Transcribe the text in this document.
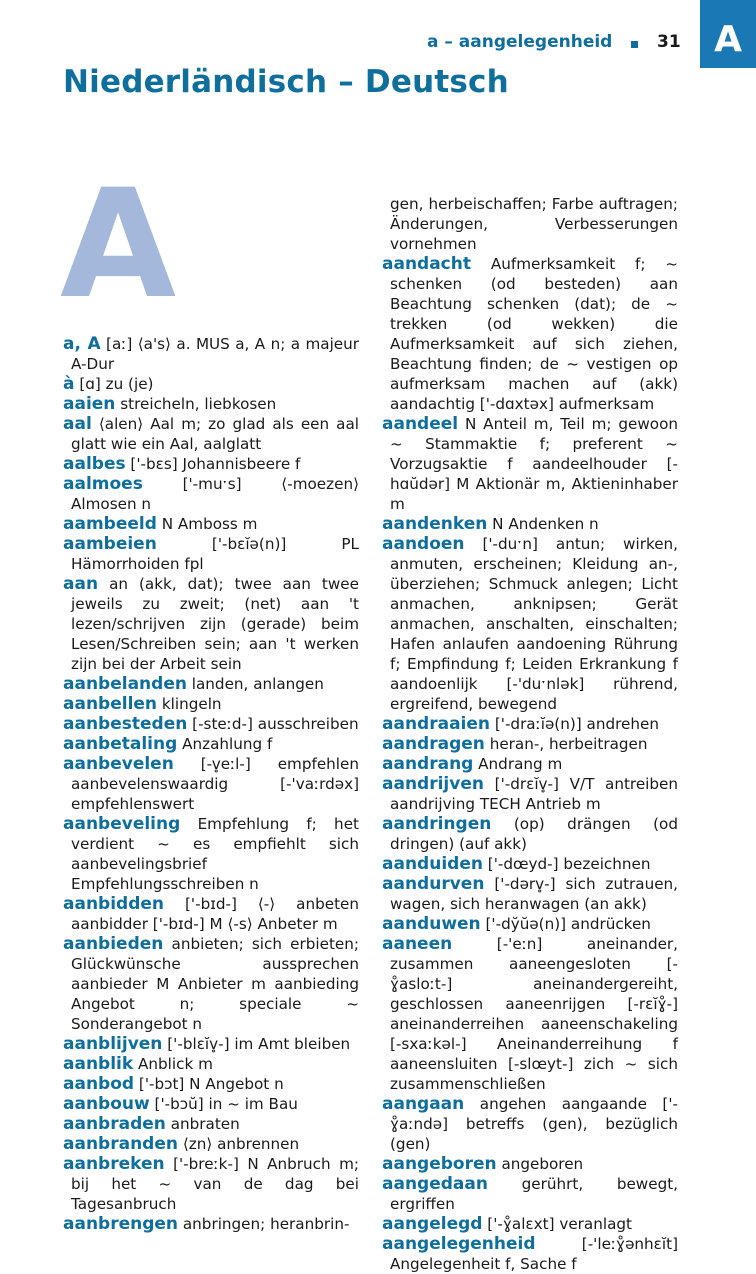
a – aangelegenheid	31 A
Niederländisch – Deutsch
A

a, A [aː] ⟨a's⟩ a. MUS a, A n; a majeur A-Dur

à [ɑ] zu (je)

aaien streicheln, liebkosen

aal ⟨alen⟩ Aal m; zo glad als een aal glatt wie ein Aal, aalglatt

aalbes ['-bɛs] Johannisbeere f

aalmoes	['-muˑs] ⟨-moezen⟩ Almosen n

aambeeld N Amboss m

aambeien	['-bɛĭə(n)] PL Hämorrhoiden fpl

aan an (akk, dat); twee aan twee jeweils zu zweit; (net) aan 't lezen/schrijven zijn (gerade) beim Lesen/Schreiben sein; aan 't werken zijn bei der Arbeit sein

aanbelanden landen, anlangen

aanbellen klingeln

aanbesteden [-steːd-] ausschreiben

aanbetaling Anzahlung f

aanbevelen [-v̥eːl-] empfehlen aanbevelenswaardig [-'vaːrdəx] empfehlenswert

aanbeveling Empfehlung f; het verdient ~ es empfiehlt sich aanbevelingsbrief Empfehlungsschreiben n

aanbidden ['-bɪd-] ⟨-⟩ anbeten aanbidder ['-bɪd-] M ⟨-s⟩ Anbeter m

aanbieden anbieten; sich erbieten; Glückwünsche aussprechen aanbieder M Anbieter m aanbieding Angebot n; speciale ~ Sonderangebot n

aanblijven ['-blɛĭv̥-] im Amt bleiben

aanblik Anblick m

aanbod ['-bɔt] N Angebot n

aanbouw ['-bɔŭ] in ~ im Bau

aanbraden anbraten

aanbranden ⟨zn⟩ anbrennen

aanbreken ['-breːk-] N Anbruch m; bij het ~ van de dag bei Tagesanbruch

aanbrengen anbringen; heranbrin-

gen, herbeischaffen; Farbe auftragen; Änderungen, Verbesserungen vornehmen

aandacht Aufmerksamkeit f; ~ schenken (od besteden) aan Beachtung schenken (dat); de ~ trekken (od wekken) die Aufmerksamkeit auf sich ziehen, Beachtung finden; de ~ vestigen op aufmerksam machen auf (akk) aandachtig ['-dɑxtəx] aufmerksam

aandeel N Anteil m, Teil m; gewoon ~ Stammaktie f; preferent ~ Vorzugsaktie f aandeelhouder [-hɑŭdər] M Aktionär m, Aktieninhaber m

aandenken N Andenken n

aandoen ['-duˑn] antun; wirken, anmuten, erscheinen; Kleidung an-, überziehen; Schmuck anlegen; Licht anmachen, anknipsen; Gerät anmachen, anschalten, einschalten; Hafen anlaufen aandoening Rührung f; Empfindung f; Leiden Erkrankung f aandoenlijk [-'duˑnlək] rührend, ergreifend, bewegend

aandraaien ['-draːĭə(n)] andrehen

aandragen heran-, herbeitragen

aandrang Andrang m

aandrijven ['-drɛĭv̥-] V/T antreiben aandrijving TECH Antrieb m

aandringen (op) drängen (od dringen) (auf akk)

aanduiden ['-dœyd-] bezeichnen

aandurven ['-dərv̥-] sich zutrauen, wagen, sich heranwagen (an akk)

aanduwen ['-dy̆ŭə(n)] andrücken

aaneen	[-'eːn] aneinander, zusammen aaneengesloten [-ɣ̊asloːt-] aneinandergereiht, geschlossen aaneenrijgen [-rɛĭɣ̊-] aneinanderreihen aaneenschakeling [-sxaːkəl-] Aneinanderreihung f aaneensluiten [-slœyt-] zich ~ sich zusammenschließen

aangaan angehen aangaande ['-ɣ̊aːndə] betreffs (gen), bezüglich (gen)

aangeboren angeboren

aangedaan gerührt, bewegt, ergriffen

aangelegd ['-ɣ̊alɛxt] veranlagt

aangelegenheid	[-'leːɣ̊ənhɛĭt] Angelegenheit f, Sache f
